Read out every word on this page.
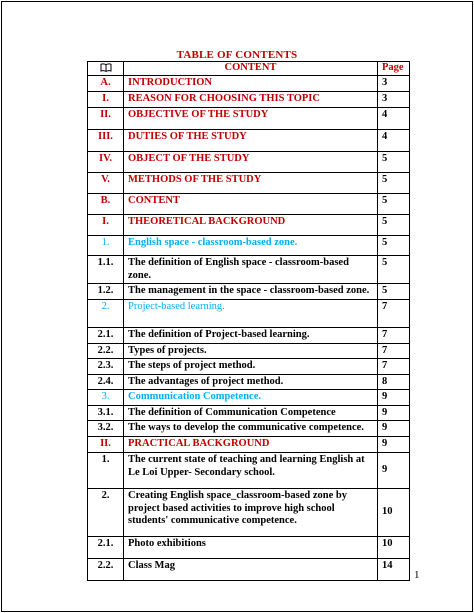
TABLE OF CONTENTS
	CONTENT	Page
A.	INTRODUCTION	3
I.	REASON FOR CHOOSING THIS TOPIC	3
II.	OBJECTIVE OF THE STUDY	4
III.	DUTIES OF THE STUDY	4
IV.	OBJECT OF THE STUDY	5
V.	METHODS OF THE STUDY	5
B.	CONTENT	5
I.	THEORETICAL BACKGROUND	5
1.	English space - classroom-based zone.	5
1.1.	The definition of English space - classroom-based zone.	5
1.2.	The management in the space - classroom-based zone.	5
2.	Project-based learning.	7
2.1.	The definition of Project-based learning.	7
2.2.	Types of projects.	7
2.3.	The steps of project method.	7
2.4.	The advantages of project method.	8
3.	Communication Competence.	9
3.1.	The definition of Communication Competence	9
3.2.	The ways to develop the communicative competence.	9
II.	PRACTICAL BACKGROUND	9
1.	The current state of teaching and learning English at Le Loi Upper- Secondary school.	9
2.	Creating English space_classroom-based zone by project based activities to improve high school students' communicative competence.	10
2.1.	Photo exhibitions	10
2.2.	Class Mag	14
1
